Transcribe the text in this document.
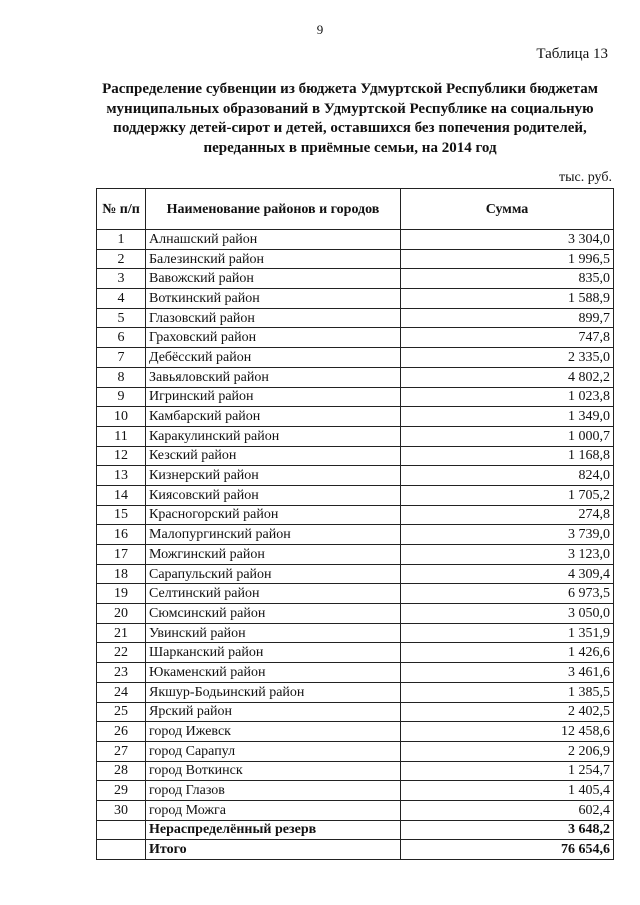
9
Таблица 13
Распределение субвенции из бюджета Удмуртской Республики бюджетам
муниципальных образований в Удмуртской Республике на социальную
поддержку детей-сирот и детей, оставшихся без попечения родителей,
переданных в приёмные семьи, на 2014 год
тыс. руб.
№ п/п	Наименование районов и городов	Сумма
1	Алнашский район	3 304,0
2	Балезинский район	1 996,5
3	Вавожский район	835,0
4	Воткинский район	1 588,9
5	Глазовский район	899,7
6	Граховский район	747,8
7	Дебёсский район	2 335,0
8	Завьяловский район	4 802,2
9	Игринский район	1 023,8
10	Камбарский район	1 349,0
11	Каракулинский район	1 000,7
12	Кезский район	1 168,8
13	Кизнерский район	824,0
14	Киясовский район	1 705,2
15	Красногорский район	274,8
16	Малопургинский район	3 739,0
17	Можгинский район	3 123,0
18	Сарапульский район	4 309,4
19	Селтинский район	6 973,5
20	Сюмсинский район	3 050,0
21	Увинский район	1 351,9
22	Шарканский район	1 426,6
23	Юкаменский район	3 461,6
24	Якшур-Бодьинский район	1 385,5
25	Ярский район	2 402,5
26	город Ижевск	12 458,6
27	город Сарапул	2 206,9
28	город Воткинск	1 254,7
29	город Глазов	1 405,4
30	город Можга	602,4
	Нераспределённый резерв	3 648,2
	Итого	76 654,6
